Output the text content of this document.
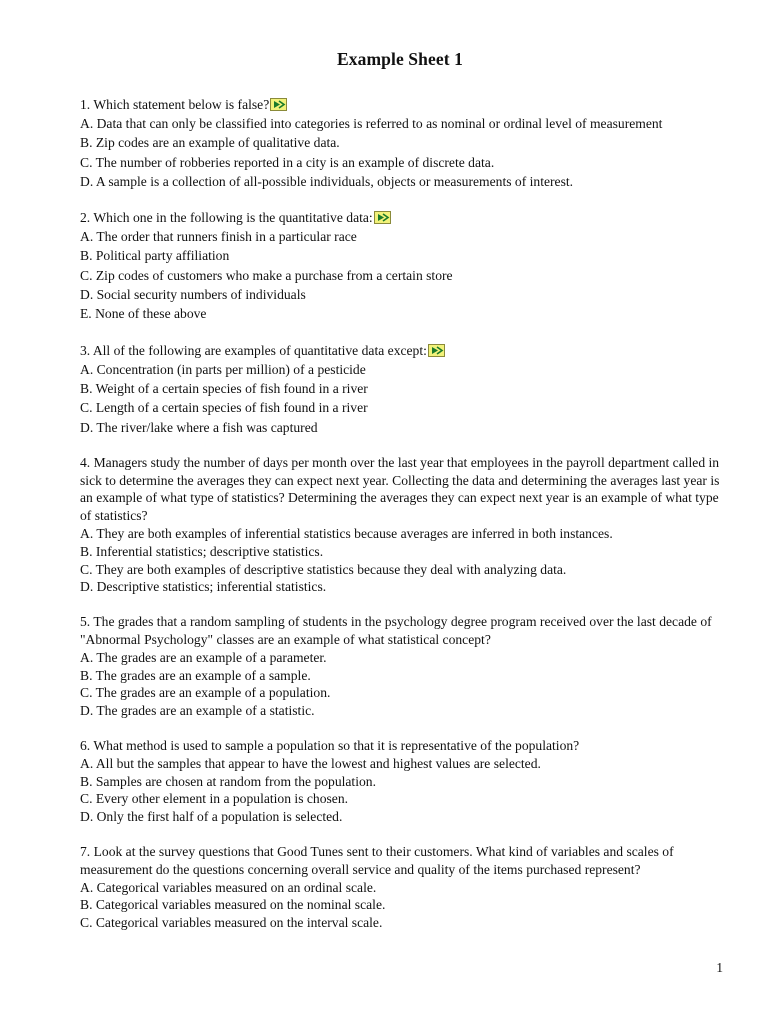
Example Sheet 1
1. Which statement below is false?
A. Data that can only be classified into categories is referred to as nominal or ordinal level of measurement
B. Zip codes are an example of qualitative data.
C. The number of robberies reported in a city is an example of discrete data.
D. A sample is a collection of all-possible individuals, objects or measurements of interest.
2. Which one in the following is the quantitative data:
A. The order that runners finish in a particular race
B. Political party affiliation
C. Zip codes of customers who make a purchase from a certain store
D. Social security numbers of individuals
E. None of these above
3. All of the following are examples of quantitative data except:
A. Concentration (in parts per million) of a pesticide
B. Weight of a certain species of fish found in a river
C. Length of a certain species of fish found in a river
D. The river/lake where a fish was captured
4. Managers study the number of days per month over the last year that employees in the payroll department called in sick to determine the averages they can expect next year. Collecting the data and determining the averages last year is an example of what type of statistics? Determining the averages they can expect next year is an example of what type of statistics?
A. They are both examples of inferential statistics because averages are inferred in both instances.
B. Inferential statistics; descriptive statistics.
C. They are both examples of descriptive statistics because they deal with analyzing data.
D. Descriptive statistics; inferential statistics.
5. The grades that a random sampling of students in the psychology degree program received over the last decade of "Abnormal Psychology" classes are an example of what statistical concept?
A. The grades are an example of a parameter.
B. The grades are an example of a sample.
C. The grades are an example of a population.
D. The grades are an example of a statistic.
6. What method is used to sample a population so that it is representative of the population?
A. All but the samples that appear to have the lowest and highest values are selected.
B. Samples are chosen at random from the population.
C. Every other element in a population is chosen.
D. Only the first half of a population is selected.
7. Look at the survey questions that Good Tunes sent to their customers. What kind of variables and scales of measurement do the questions concerning overall service and quality of the items purchased represent?
A. Categorical variables measured on an ordinal scale.
B. Categorical variables measured on the nominal scale.
C. Categorical variables measured on the interval scale.
1
